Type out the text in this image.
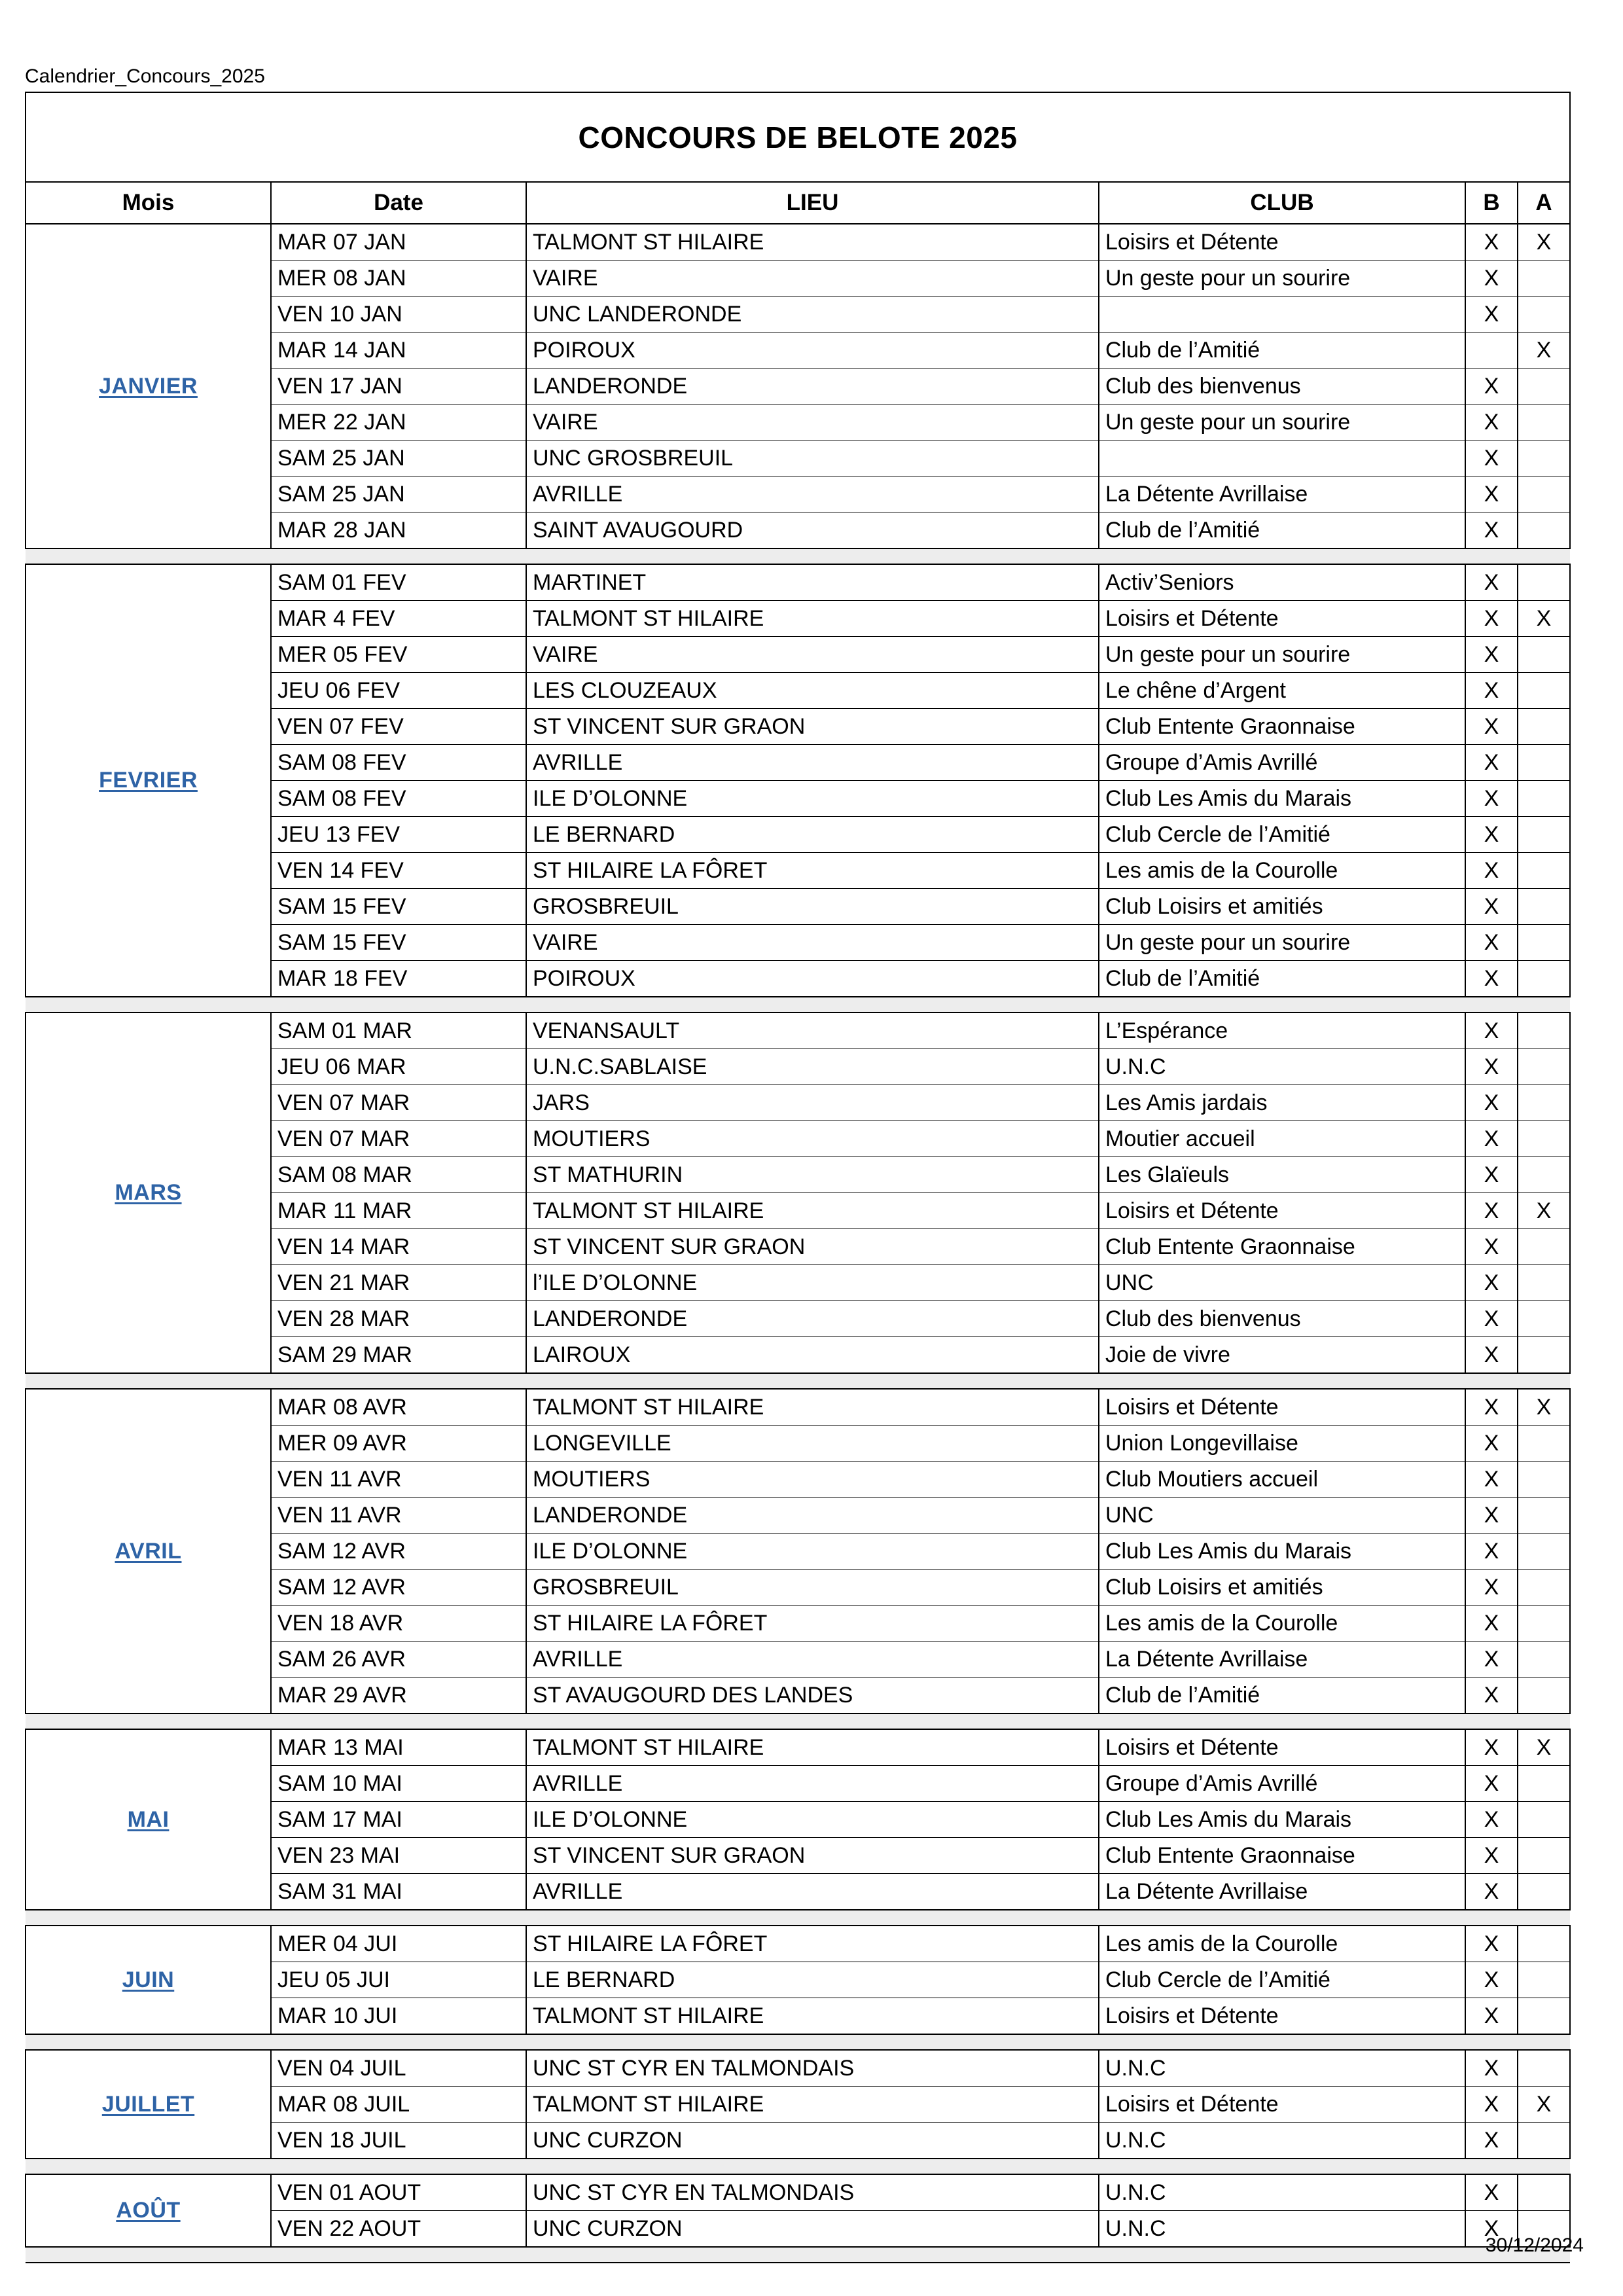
Calendrier_Concours_2025
CONCOURS DE BELOTE 2025					
Mois	Date	LIEU	CLUB	B	A
JANVIER	MAR 07 JAN	TALMONT ST HILAIRE	Loisirs et Détente	X	X
	MER 08 JAN	VAIRE	Un geste pour un sourire	X	
	VEN 10 JAN	UNC LANDERONDE		X	
	MAR 14 JAN	POIROUX	Club de l’Amitié		X
	VEN 17 JAN	LANDERONDE	Club des bienvenus	X	
	MER 22 JAN	VAIRE	Un geste pour un sourire	X	
	SAM 25 JAN	UNC GROSBREUIL		X	
	SAM 25 JAN	AVRILLE	La Détente Avrillaise	X	
	MAR 28 JAN	SAINT AVAUGOURD	Club de l’Amitié	X	

FEVRIER	SAM 01 FEV	MARTINET	Activ’Seniors	X	
	MAR 4 FEV	TALMONT ST HILAIRE	Loisirs et Détente	X	X
	MER 05 FEV	VAIRE	Un geste pour un sourire	X	
	JEU 06 FEV	LES CLOUZEAUX	Le chêne d’Argent	X	
	VEN 07 FEV	ST VINCENT SUR GRAON	Club Entente Graonnaise	X	
	SAM 08 FEV	AVRILLE	Groupe d’Amis Avrillé	X	
	SAM 08 FEV	ILE D’OLONNE	Club Les Amis du Marais	X	
	JEU 13 FEV	LE BERNARD	Club Cercle de l’Amitié	X	
	VEN 14 FEV	ST HILAIRE LA FÔRET	Les amis de la Courolle	X	
	SAM 15 FEV	GROSBREUIL	Club Loisirs et amitiés	X	
	SAM 15 FEV	VAIRE	Un geste pour un sourire	X	
	MAR 18 FEV	POIROUX	Club de l’Amitié	X	

MARS	SAM 01 MAR	VENANSAULT	L’Espérance	X	
	JEU 06 MAR	U.N.C.SABLAISE	U.N.C	X	
	VEN 07 MAR	JARS	Les Amis jardais	X	
	VEN 07 MAR	MOUTIERS	Moutier accueil	X	
	SAM 08 MAR	ST MATHURIN	Les Glaïeuls	X	
	MAR 11 MAR	TALMONT ST HILAIRE	Loisirs et Détente	X	X
	VEN 14 MAR	ST VINCENT SUR GRAON	Club Entente Graonnaise	X	
	VEN 21 MAR	l’ILE D’OLONNE	UNC	X	
	VEN 28 MAR	LANDERONDE	Club des bienvenus	X	
	SAM 29 MAR	LAIROUX	Joie de vivre	X	

AVRIL	MAR 08 AVR	TALMONT ST HILAIRE	Loisirs et Détente	X	X
	MER 09 AVR	LONGEVILLE	Union Longevillaise	X	
	VEN 11 AVR	MOUTIERS	Club Moutiers accueil	X	
	VEN 11 AVR	LANDERONDE	UNC	X	
	SAM 12 AVR	ILE D’OLONNE	Club Les Amis du Marais	X	
	SAM 12 AVR	GROSBREUIL	Club Loisirs et amitiés	X	
	VEN 18 AVR	ST HILAIRE LA FÔRET	Les amis de la Courolle	X	
	SAM 26 AVR	AVRILLE	La Détente Avrillaise	X	
	MAR 29 AVR	ST AVAUGOURD DES LANDES	Club de l’Amitié	X	

MAI	MAR 13 MAI	TALMONT ST HILAIRE	Loisirs et Détente	X	X
	SAM 10 MAI	AVRILLE	Groupe d’Amis Avrillé	X	
	SAM 17 MAI	ILE D’OLONNE	Club Les Amis du Marais	X	
	VEN 23 MAI	ST VINCENT SUR GRAON	Club Entente Graonnaise	X	
	SAM 31 MAI	AVRILLE	La Détente Avrillaise	X	

JUIN	MER 04 JUI	ST HILAIRE LA FÔRET	Les amis de la Courolle	X	
	JEU 05 JUI	LE BERNARD	Club Cercle de l’Amitié	X	
	MAR 10 JUI	TALMONT ST HILAIRE	Loisirs et Détente	X	

JUILLET	VEN 04 JUIL	UNC ST CYR EN TALMONDAIS	U.N.C	X	
	MAR 08 JUIL	TALMONT ST HILAIRE	Loisirs et Détente	X	X
	VEN 18 JUIL	UNC CURZON	U.N.C	X	

AOÛT	VEN 01 AOUT	UNC ST CYR EN TALMONDAIS	U.N.C	X	
	VEN 22 AOUT	UNC CURZON	U.N.C	X	

30/12/2024
